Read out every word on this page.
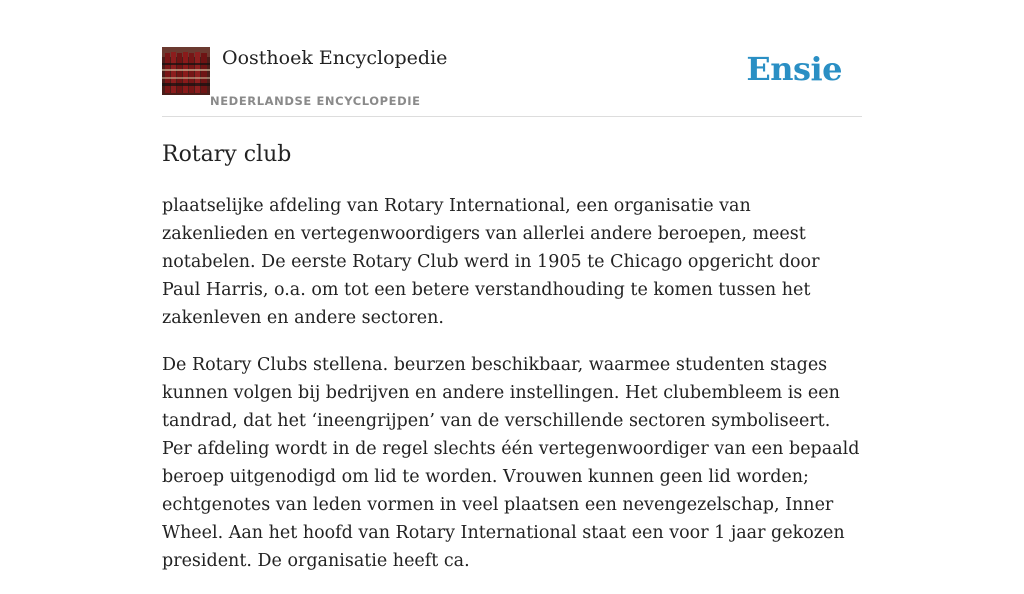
Oosthoek Encyclopedie
NEDERLANDSE ENCYCLOPEDIE
Ensie
Rotary club

plaatselijke afdeling van Rotary International, een organisatie van zakenlieden en vertegenwoordigers van allerlei andere beroepen, meest notabelen. De eerste Rotary Club werd in 1905 te Chicago opgericht door Paul Harris, o.a. om tot een betere verstandhouding te komen tussen het zakenleven en andere sectoren.

De Rotary Clubs stellena. beurzen beschikbaar, waarmee studenten stages kunnen volgen bij bedrijven en andere instellingen. Het clubembleem is een tandrad, dat het ‘ineengrijpen’ van de verschillende sectoren symboliseert. Per afdeling wordt in de regel slechts één vertegenwoordiger van een bepaald beroep uitgenodigd om lid te worden. Vrouwen kunnen geen lid worden; echtgenotes van leden vormen in veel plaatsen een nevengezelschap, Inner Wheel. Aan het hoofd van Rotary International staat een voor 1 jaar gekozen president. De organisatie heeft ca.
